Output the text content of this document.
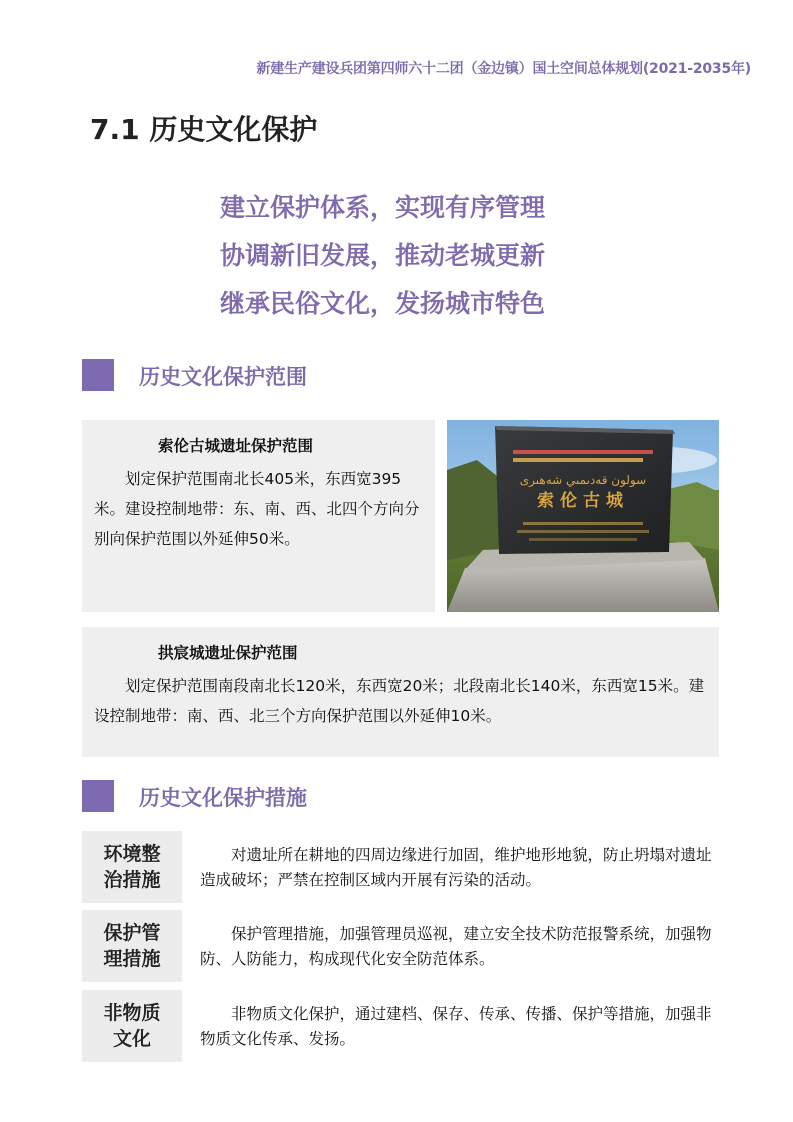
新建生产建设兵团第四师六十二团（金边镇）国土空间总体规划(2021-2035年)
7.1 历史文化保护
建立保护体系，实现有序管理
协调新旧发展，推动老城更新
继承民俗文化，发扬城市特色
历史文化保护范围
索伦古城遗址保护范围
划定保护范围南北长405米，东西宽395米。建设控制地带：东、南、西、北四个方向分别向保护范围以外延伸50米。
سولون قەدىمىي شەھىرى
索伦古城
拱宸城遗址保护范围
划定保护范围南段南北长120米，东西宽20米；北段南北长140米，东西宽15米。建设控制地带：南、西、北三个方向保护范围以外延伸10米。
历史文化保护措施
环境整
治措施
对遗址所在耕地的四周边缘进行加固，维护地形地貌，防止坍塌对遗址造成破坏；严禁在控制区域内开展有污染的活动。
保护管
理措施
保护管理措施，加强管理员巡视，建立安全技术防范报警系统，加强物防、人防能力，构成现代化安全防范体系。
非物质
文化
非物质文化保护，通过建档、保存、传承、传播、保护等措施，加强非物质文化传承、发扬。
